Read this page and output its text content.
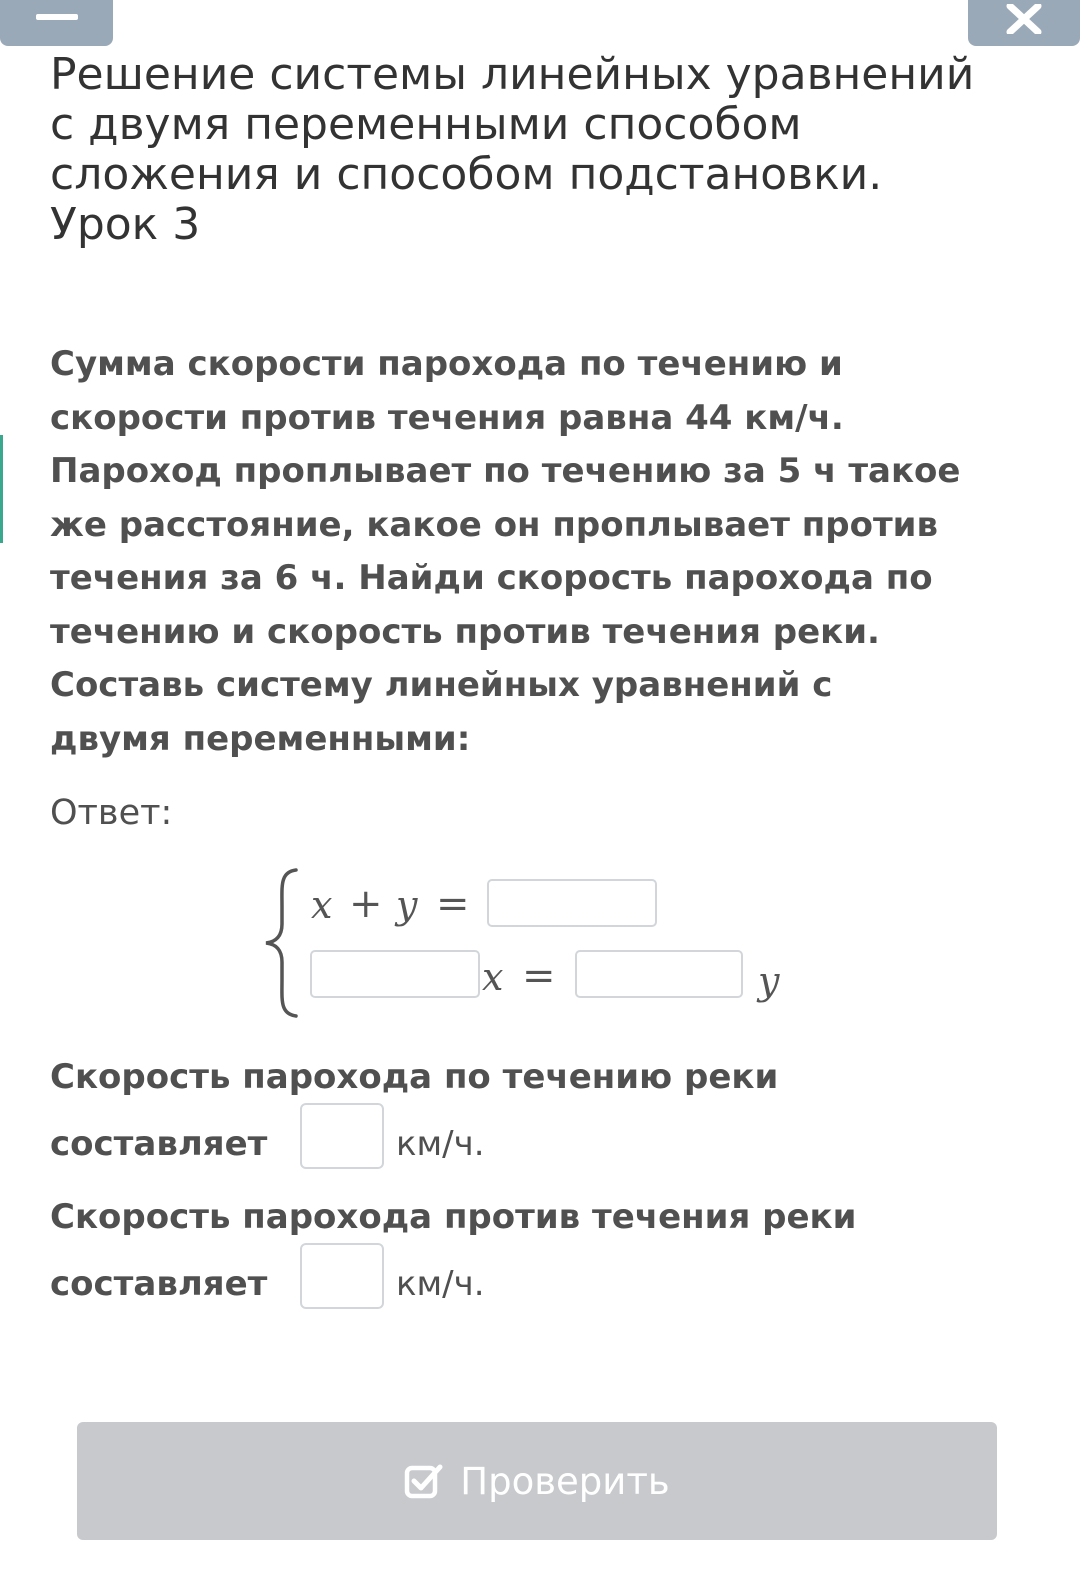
Решение системы линейных уравнений
с двумя переменными способом
сложения и способом подстановки.
Урок 3

Сумма скорости парохода по течению и
скорости против течения равна 44 км/ч.
Пароход проплывает по течению за 5 ч такое
же расстояние, какое он проплывает против
течения за 6 ч. Найди скорость парохода по
течению и скорость против течения реки.
Составь систему линейных уравнений с
двумя переменными:

Ответ:

x + y =
x =	y
Скорость парохода по течению реки
составляет	км/ч.
Скорость парохода против течения реки
составляет	км/ч.
Проверить
